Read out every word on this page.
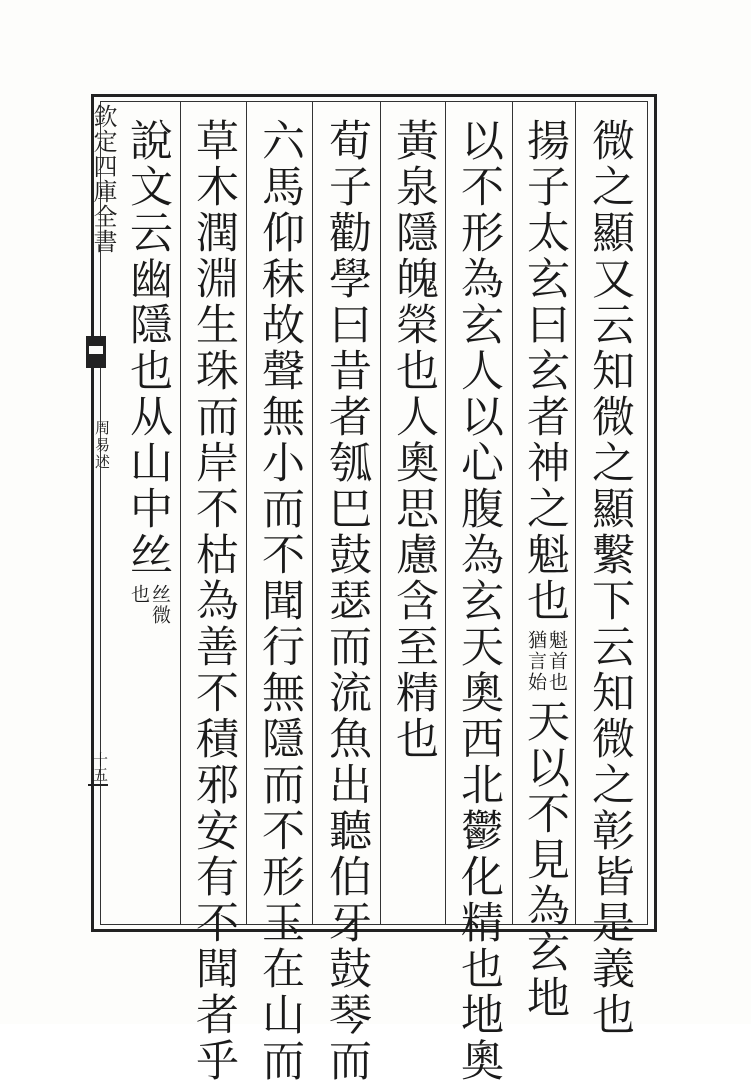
欽定四庫全書
周易述
十五	微之顯又云知微之顯繫下云知微之彰皆是義也
揚子太玄曰玄者神之魁也
魁首也
猶言始
天以不見為玄地
以不形為玄人以心腹為玄天奧西北鬱化精也地奧
黃泉隱魄榮也人奧思慮含至精也
荀子勸學曰昔者瓠巴鼓瑟而流魚出聽伯牙鼓琴而
六馬仰秣故聲無小而不聞行無隱而不形玉在山而
草木潤淵生珠而岸不枯為善不積邪安有不聞者乎
說文云幽隱也从山中丝
丝微
也
